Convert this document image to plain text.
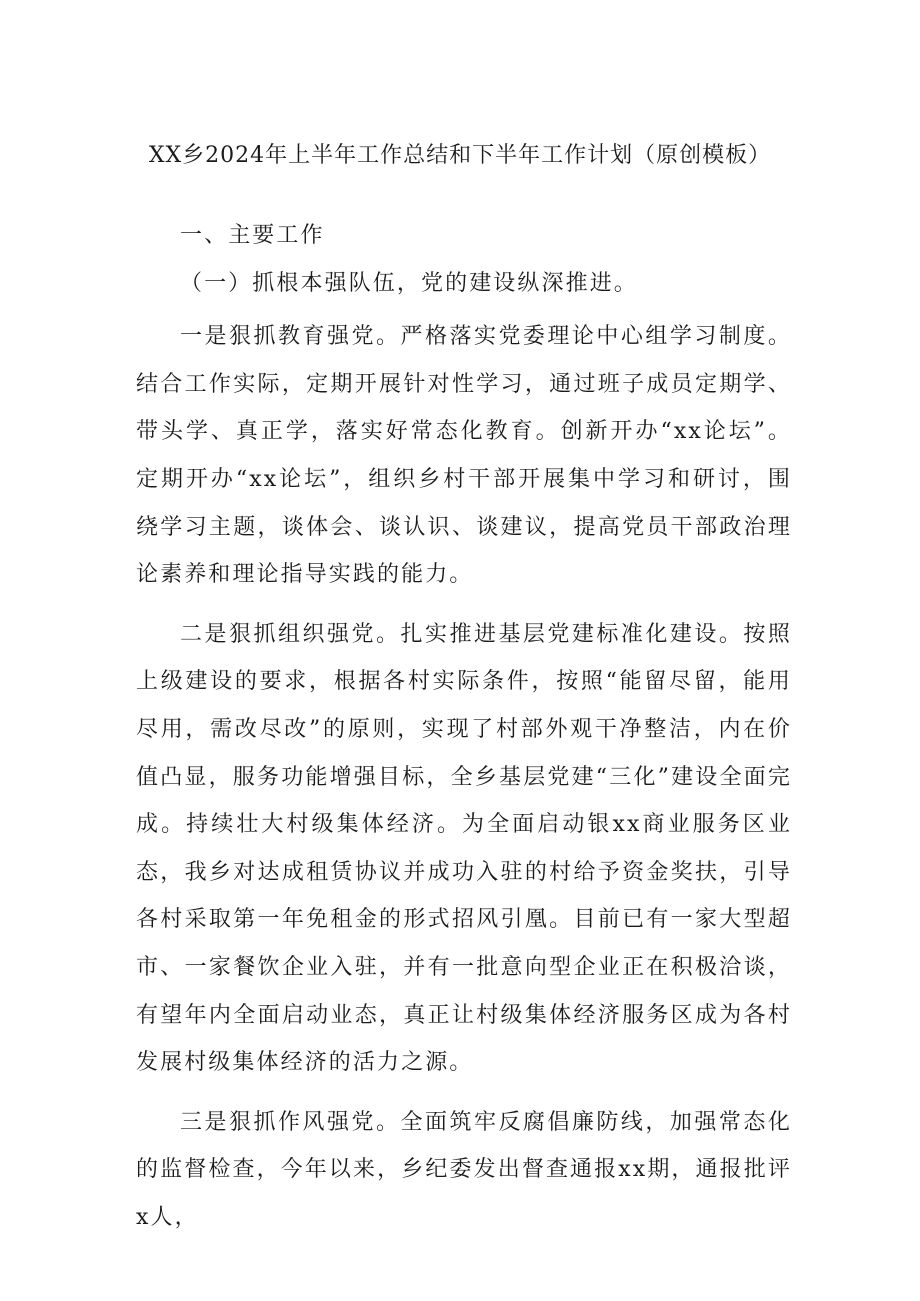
XX乡2024年上半年工作总结和下半年工作计划（原创模板）

一、主要工作

（一）抓根本强队伍，党的建设纵深推进。

一是狠抓教育强党。严格落实党委理论中心组学习制度。结合工作实际，定期开展针对性学习，通过班子成员定期学、带头学、真正学，落实好常态化教育。创新开办“xx论坛”。定期开办“xx论坛”，组织乡村干部开展集中学习和研讨，围绕学习主题，谈体会、谈认识、谈建议，提高党员干部政治理论素养和理论指导实践的能力。

二是狠抓组织强党。扎实推进基层党建标准化建设。按照上级建设的要求，根据各村实际条件，按照“能留尽留，能用尽用，需改尽改”的原则，实现了村部外观干净整洁，内在价值凸显，服务功能增强目标，全乡基层党建“三化”建设全面完成。持续壮大村级集体经济。为全面启动银xx商业服务区业态，我乡对达成租赁协议并成功入驻的村给予资金奖扶，引导各村采取第一年免租金的形式招风引凰。目前已有一家大型超市、一家餐饮企业入驻，并有一批意向型企业正在积极洽谈，有望年内全面启动业态，真正让村级集体经济服务区成为各村发展村级集体经济的活力之源。

三是狠抓作风强党。全面筑牢反腐倡廉防线，加强常态化的监督检查，今年以来，乡纪委发出督查通报xx期，通报批评x人，
